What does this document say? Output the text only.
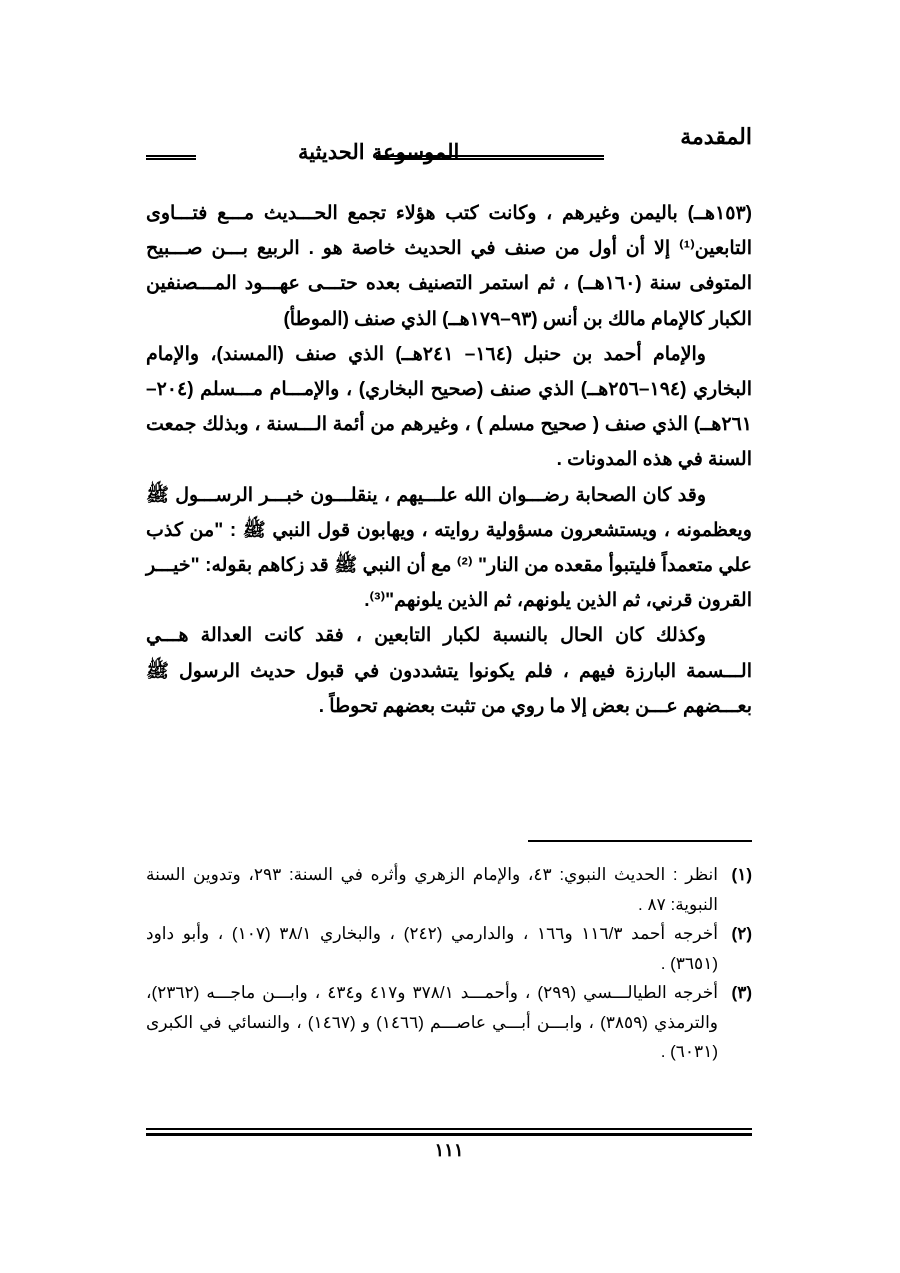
المقدمة
الموسوعة الحديثية

(١٥٣هــ) باليمن وغيرهم ، وكانت كتب هؤلاء تجمع الحـــديث مـــع فتـــاوى التابعين⁽¹⁾ إلا أن أول من صنف في الحديث خاصة هو . الربيع بـــن صـــبيح المتوفى سنة (١٦٠هــ) ، ثم استمر التصنيف بعده حتـــى عهـــود المـــصنفين الكبار كالإمام مالك بن أنس (٩٣–١٧٩هــ) الذي صنف (الموطأ)

والإمام أحمد بن حنبل (١٦٤– ٢٤١هــ) الذي صنف (المسند)، والإمام البخاري (١٩٤–٢٥٦هــ) الذي صنف (صحيح البخاري) ، والإمـــام مـــسلم (٢٠٤–٢٦١هــ) الذي صنف ( صحيح مسلم ) ، وغيرهم من أئمة الـــسنة ، وبذلك جمعت السنة في هذه المدونات .

وقد كان الصحابة رضـــوان الله علـــيهم ، ينقلـــون خبـــر الرســـول ﷺ ويعظمونه ، ويستشعرون مسؤولية روايته ، ويهابون قول النبي ﷺ : "من كذب علي متعمداً فليتبوأ مقعده من النار" ⁽²⁾ مع أن النبي ﷺ قد زكاهم بقوله: "خيـــر القرون قرني، ثم الذين يلونهم، ثم الذين يلونهم"⁽³⁾.

وكذلك كان الحال بالنسبة لكبار التابعين ، فقد كانت العدالة هـــي الـــسمة البارزة فيهم ، فلم يكونوا يتشددون في قبول حديث الرسول ﷺ بعـــضهم عـــن بعض إلا ما روي من تثبت بعضهم تحوطاً .

(١)
انظر : الحديث النبوي: ٤٣، والإمام الزهري وأثره في السنة: ٢٩٣، وتدوين السنة النبوية: ٨٧ .
(٢)
أخرجه أحمد ١١٦/٣ و١٦٦ ، والدارمي (٢٤٢) ، والبخاري ٣٨/١ (١٠٧) ، وأبو داود (٣٦٥١) .
(٣)
أخرجه الطيالـــسي (٢٩٩) ، وأحمـــد ٣٧٨/١ و٤١٧ و٤٣٤ ، وابـــن ماجـــه (٢٣٦٢)، والترمذي (٣٨٥٩) ، وابـــن أبـــي عاصـــم (١٤٦٦) و (١٤٦٧) ، والنسائي في الكبرى (٦٠٣١) .
١١١
